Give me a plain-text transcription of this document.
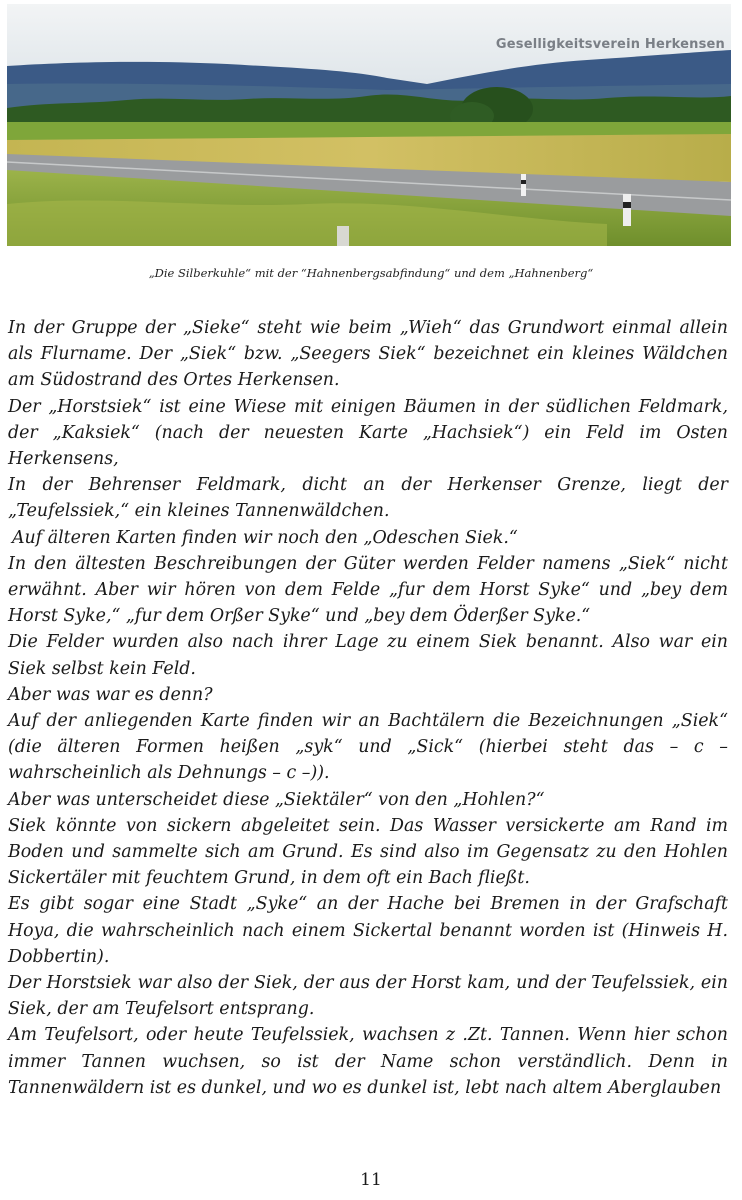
Geselligkeitsverein Herkensen
„Die Silberkuhle“ mit der “Hahnenbergsabfindung“ und dem „Hahnenberg“

In der Gruppe der „Sieke“ steht wie beim „Wieh“ das Grundwort einmal allein als Flurname. Der „Siek“ bzw. „Seegers Siek“ bezeichnet ein kleines Wäldchen am Südostrand des Ortes Herkensen.

Der „Horstsiek“ ist eine Wiese mit einigen Bäumen in der südlichen Feldmark, der „Kaksiek“ (nach der neuesten Karte „Hachsiek“) ein Feld im Osten Herkensens,

In der Behrenser Feldmark, dicht an der Herkenser Grenze, liegt der „Teufelssiek,“ ein kleines Tannenwäldchen.

Auf älteren Karten finden wir noch den „Odeschen Siek.“

In den ältesten Beschreibungen der Güter werden Felder namens „Siek“ nicht erwähnt. Aber wir hören von dem Felde „fur dem Horst Syke“ und „bey dem Horst Syke,“ „fur dem Orßer Syke“ und „bey dem Öderßer Syke.“

Die Felder wurden also nach ihrer Lage zu einem Siek benannt. Also war ein Siek selbst kein Feld.

Aber was war es denn?

Auf der anliegenden Karte finden wir an Bachtälern die Bezeichnungen „Siek“ (die älteren Formen heißen „syk“ und „Sick“ (hierbei steht das – c – wahrscheinlich als Dehnungs – c –)).

Aber was unterscheidet diese „Siektäler“ von den „Hohlen?“

Siek könnte von sickern abgeleitet sein. Das Wasser versickerte am Rand im Boden und sammelte sich am Grund. Es sind also im Gegensatz zu den Hohlen Sickertäler mit feuchtem Grund, in dem oft ein Bach fließt.

Es gibt sogar eine Stadt „Syke“ an der Hache bei Bremen in der Grafschaft Hoya, die wahrscheinlich nach einem Sickertal benannt worden ist (Hinweis H. Dobbertin).

Der Horstsiek war also der Siek, der aus der Horst kam, und der Teufelssiek, ein Siek, der am Teufelsort entsprang.

Am Teufelsort, oder heute Teufelssiek, wachsen z .Zt. Tannen. Wenn hier schon immer Tannen wuchsen, so ist der Name schon verständlich. Denn in Tannenwäldern ist es dunkel, und wo es dunkel ist, lebt nach altem Aberglauben

11
